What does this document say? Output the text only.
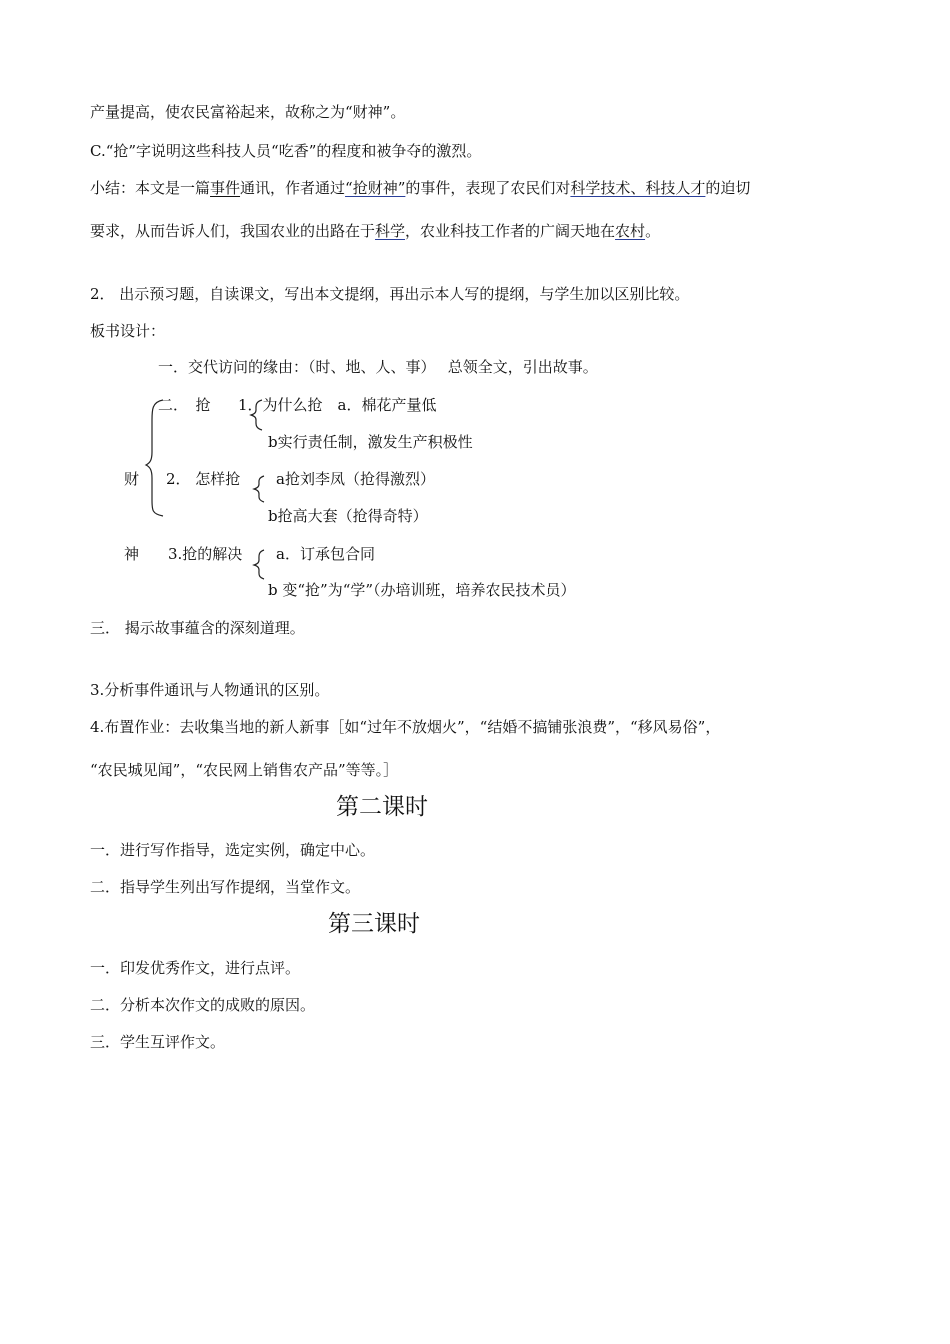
产量提高，使农民富裕起来，故称之为“财神”。
C.“抢”字说明这些科技人员“吃香”的程度和被争夺的激烈。
小结：本文是一篇事件通讯，作者通过“抢财神”的事件，表现了农民们对科学技术、科技人才的迫切
要求，从而告诉人们，我国农业的出路在于科学，农业科技工作者的广阔天地在农村。
2． 出示预习题，自读课文，写出本文提纲，再出示本人写的提纲，与学生加以区别比较。
板书设计：
一．交代访问的缘由：（时、地、人、事）　 总领全文，引出故事。
二．　抢 1．为什么抢　a．棉花产量低
b实行责任制，激发生产积极性
财 2． 怎样抢 a抢刘李凤（抢得激烈）
b抢高大套（抢得奇特）
神 3.抢的解决 a．订承包合同
b 变“抢”为“学”（办培训班，培养农民技术员）
三． 揭示故事蕴含的深刻道理。
3.分析事件通讯与人物通讯的区别。
4.布置作业：去收集当地的新人新事［如“过年不放烟火”，“结婚不搞铺张浪费”，“移风易俗”，
“农民城见闻”，“农民网上销售农产品”等等。］
第二课时
一．进行写作指导，选定实例，确定中心。
二．指导学生列出写作提纲，当堂作文。
第三课时
一．印发优秀作文，进行点评。
二．分析本次作文的成败的原因。
三．学生互评作文。
